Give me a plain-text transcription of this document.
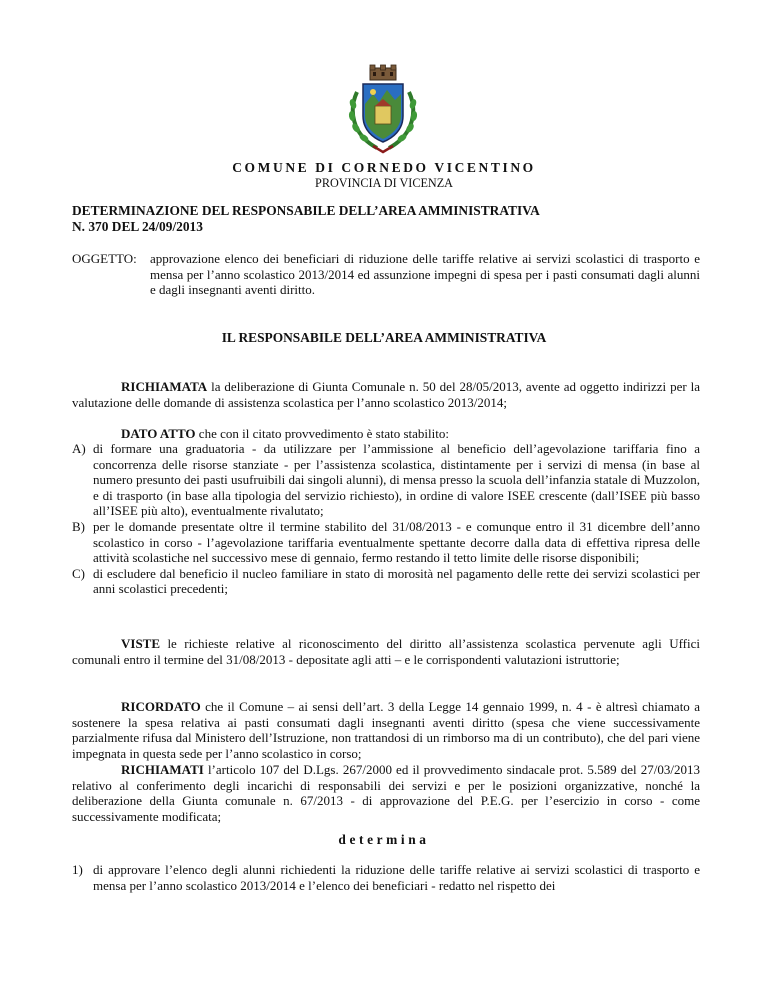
COMUNE DI CORNEDO VICENTINO
PROVINCIA DI VICENZA
DETERMINAZIONE DEL RESPONSABILE DELL’AREA AMMINISTRATIVA
N. 370 DEL 24/09/2013
OGGETTO: approvazione elenco dei beneficiari di riduzione delle tariffe relative ai servizi scolastici di trasporto e mensa per l’anno scolastico 2013/2014 ed assunzione impegni di spesa per i pasti consumati dagli alunni e dagli insegnanti aventi diritto.
IL RESPONSABILE DELL’AREA AMMINISTRATIVA
RICHIAMATA la deliberazione di Giunta Comunale n. 50 del 28/05/2013, avente ad oggetto indirizzi per la valutazione delle domande di assistenza scolastica per l’anno scolastico 2013/2014;
DATO ATTO che con il citato provvedimento è stato stabilito:
A) di formare una graduatoria - da utilizzare per l’ammissione al beneficio dell’agevolazione tariffaria fino a concorrenza delle risorse stanziate - per l’assistenza scolastica, distintamente per i servizi di mensa (in base al numero presunto dei pasti usufruibili dai singoli alunni), di mensa presso la scuola dell’infanzia statale di Muzzolon, e di trasporto (in base alla tipologia del servizio richiesto), in ordine di valore ISEE crescente (dall’ISEE più basso all’ISEE più alto), eventualmente rivalutato;
B) per le domande presentate oltre il termine stabilito del 31/08/2013 - e comunque entro il 31 dicembre dell’anno scolastico in corso - l’agevolazione tariffaria eventualmente spettante decorre dalla data di effettiva ripresa delle attività scolastiche nel successivo mese di gennaio, fermo restando il tetto limite delle risorse disponibili;
C) di escludere dal beneficio il nucleo familiare in stato di morosità nel pagamento delle rette dei servizi scolastici per anni scolastici precedenti;
VISTE le richieste relative al riconoscimento del diritto all’assistenza scolastica pervenute agli Uffici comunali entro il termine del 31/08/2013 - depositate agli atti – e le corrispondenti valutazioni istruttorie;
RICORDATO che il Comune – ai sensi dell’art. 3 della Legge 14 gennaio 1999, n. 4 - è altresì chiamato a sostenere la spesa relativa ai pasti consumati dagli insegnanti aventi diritto (spesa che viene successivamente parzialmente rifusa dal Ministero dell’Istruzione, non trattandosi di un rimborso ma di un contributo), che del pari viene impegnata in questa sede per l’anno scolastico in corso;
RICHIAMATI l’articolo 107 del D.Lgs. 267/2000 ed il provvedimento sindacale prot. 5.589 del 27/03/2013 relativo al conferimento degli incarichi di responsabili dei servizi e per le posizioni organizzative, nonché la deliberazione della Giunta comunale n. 67/2013 - di approvazione del P.E.G. per l’esercizio in corso - come successivamente modificata;
determina
1) di approvare l’elenco degli alunni richiedenti la riduzione delle tariffe relative ai servizi scolastici di trasporto e mensa per l’anno scolastico 2013/2014 e l’elenco dei beneficiari - redatto nel rispetto dei
